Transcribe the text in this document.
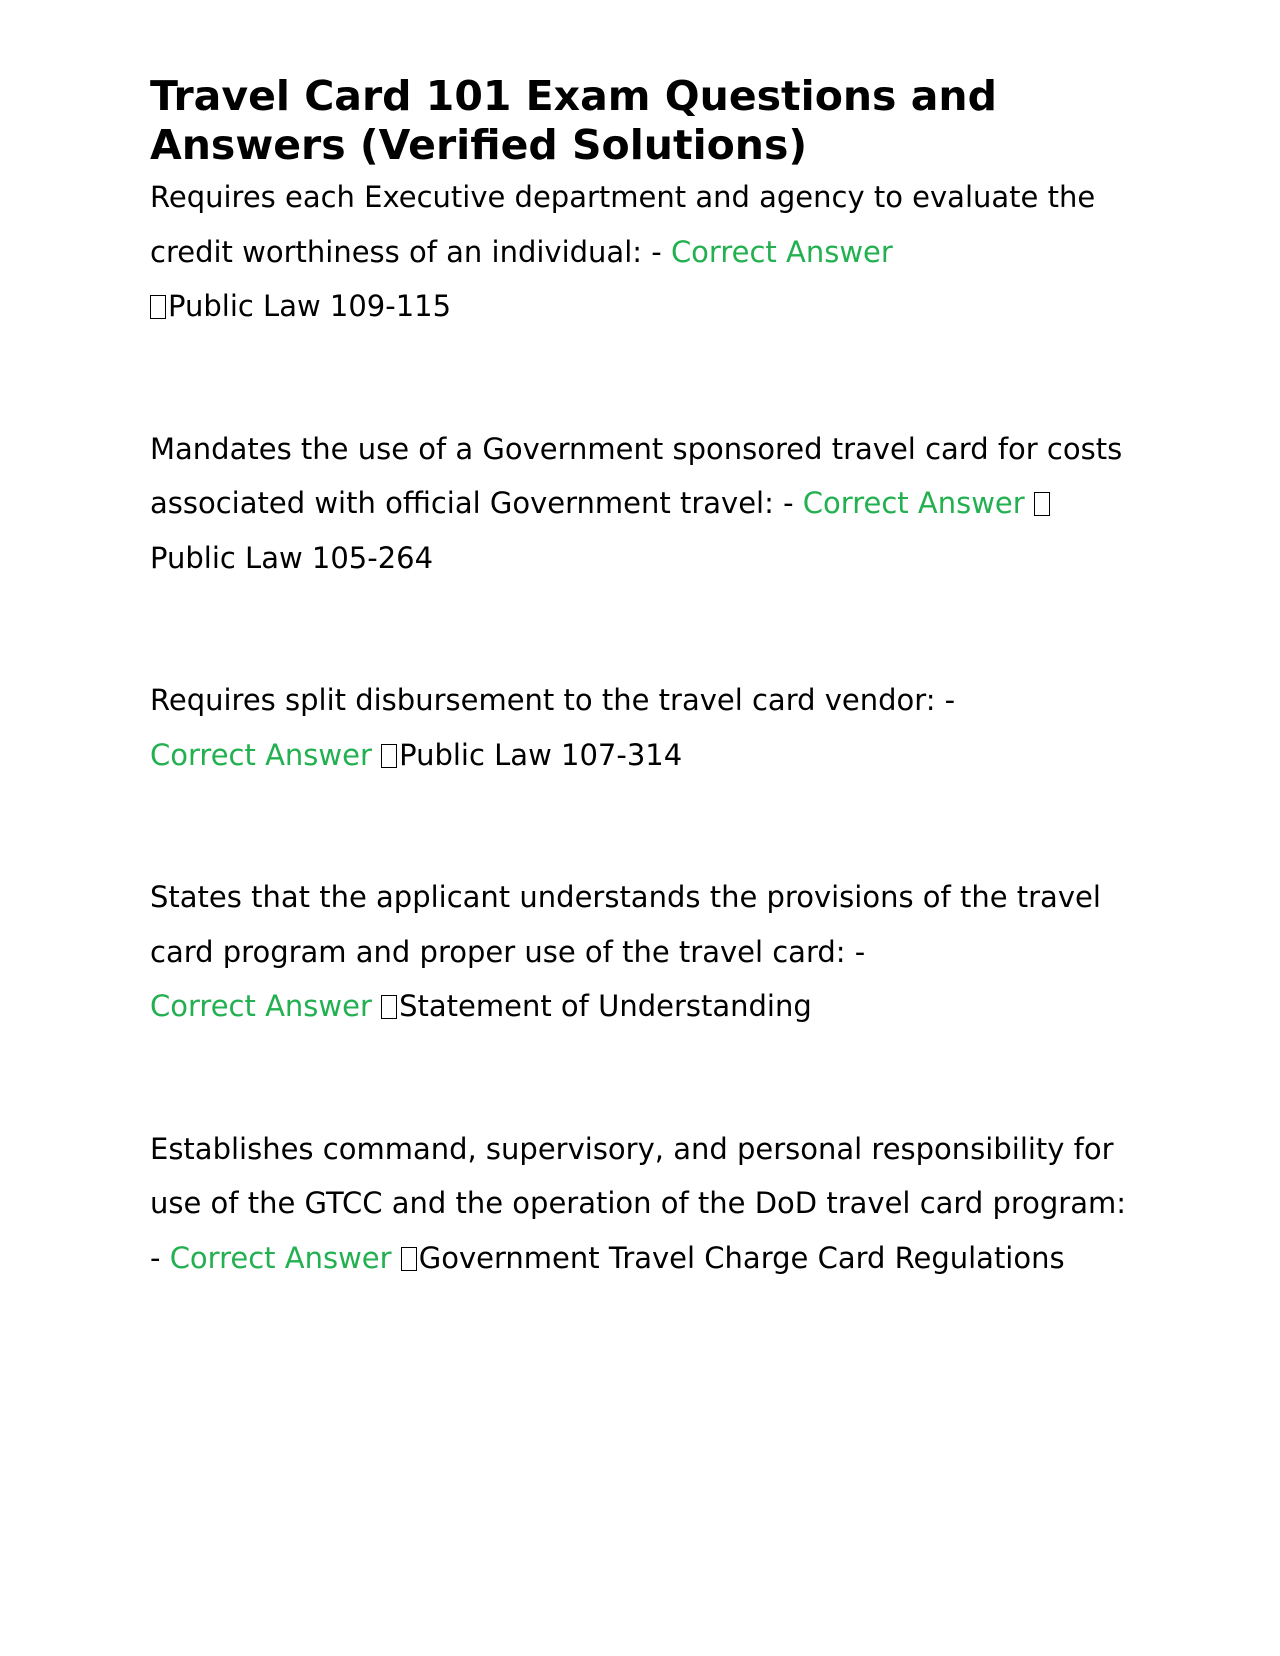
Travel Card 101 Exam Questions and Answers (Verified Solutions)

Requires each Executive department and agency to evaluate the credit worthiness of an individual: - Correct Answer
Public Law 109-115

Mandates the use of a Government sponsored travel card for costs associated with official Government travel: - Correct Answer Public Law 105-264

Requires split disbursement to the travel card vendor: -
Correct Answer Public Law 107-314

States that the applicant understands the provisions of the travel card program and proper use of the travel card: -
Correct Answer Statement of Understanding

Establishes command, supervisory, and personal responsibility for use of the GTCC and the operation of the DoD travel card program: - Correct Answer Government Travel Charge Card Regulations
